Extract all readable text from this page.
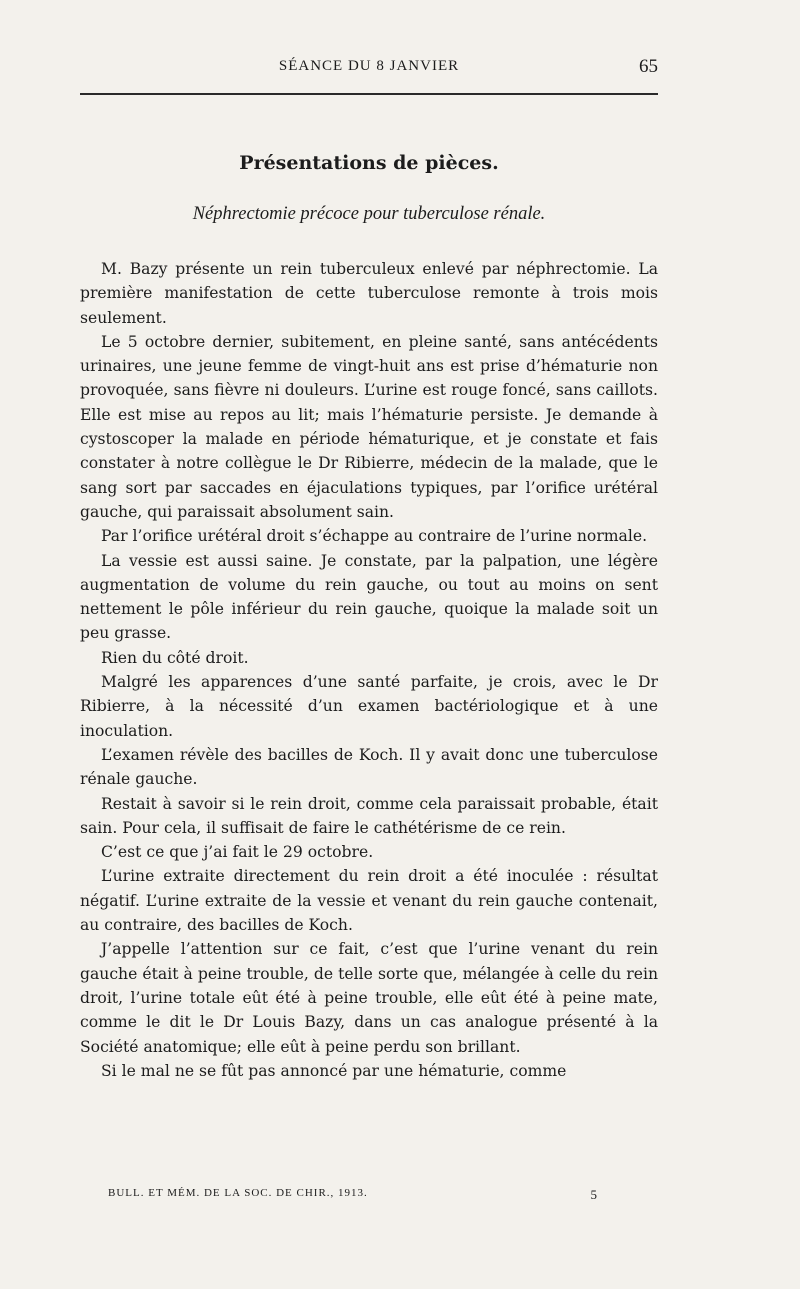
SÉANCE DU 8 JANVIER	65
Présentations de pièces.
Néphrectomie précoce pour tuberculose rénale.

M. Bazy présente un rein tuberculeux enlevé par néphrectomie. La première manifestation de cette tuberculose remonte à trois mois seulement.

Le 5 octobre dernier, subitement, en pleine santé, sans antécédents urinaires, une jeune femme de vingt-huit ans est prise d’hématurie non provoquée, sans fièvre ni douleurs. L’urine est rouge foncé, sans caillots. Elle est mise au repos au lit; mais l’hématurie persiste. Je demande à cystoscoper la malade en période hématurique, et je constate et fais constater à notre collègue le Dr Ribierre, médecin de la malade, que le sang sort par saccades en éjaculations typiques, par l’orifice urétéral gauche, qui paraissait absolument sain.

Par l’orifice urétéral droit s’échappe au contraire de l’urine normale.

La vessie est aussi saine. Je constate, par la palpation, une légère augmentation de volume du rein gauche, ou tout au moins on sent nettement le pôle inférieur du rein gauche, quoique la malade soit un peu grasse.

Rien du côté droit.

Malgré les apparences d’une santé parfaite, je crois, avec le Dr Ribierre, à la nécessité d’un examen bactériologique et à une inoculation.

L’examen révèle des bacilles de Koch. Il y avait donc une tuberculose rénale gauche.

Restait à savoir si le rein droit, comme cela paraissait probable, était sain. Pour cela, il suffisait de faire le cathétérisme de ce rein.

C’est ce que j’ai fait le 29 octobre.

L’urine extraite directement du rein droit a été inoculée : résultat négatif. L’urine extraite de la vessie et venant du rein gauche contenait, au contraire, des bacilles de Koch.

J’appelle l’attention sur ce fait, c’est que l’urine venant du rein gauche était à peine trouble, de telle sorte que, mélangée à celle du rein droit, l’urine totale eût été à peine trouble, elle eût été à peine mate, comme le dit le Dr Louis Bazy, dans un cas analogue présenté à la Société anatomique; elle eût à peine perdu son brillant.

Si le mal ne se fût pas annoncé par une hématurie, comme

BULL. ET MÉM. DE LA SOC. DE CHIR., 1913.	5
